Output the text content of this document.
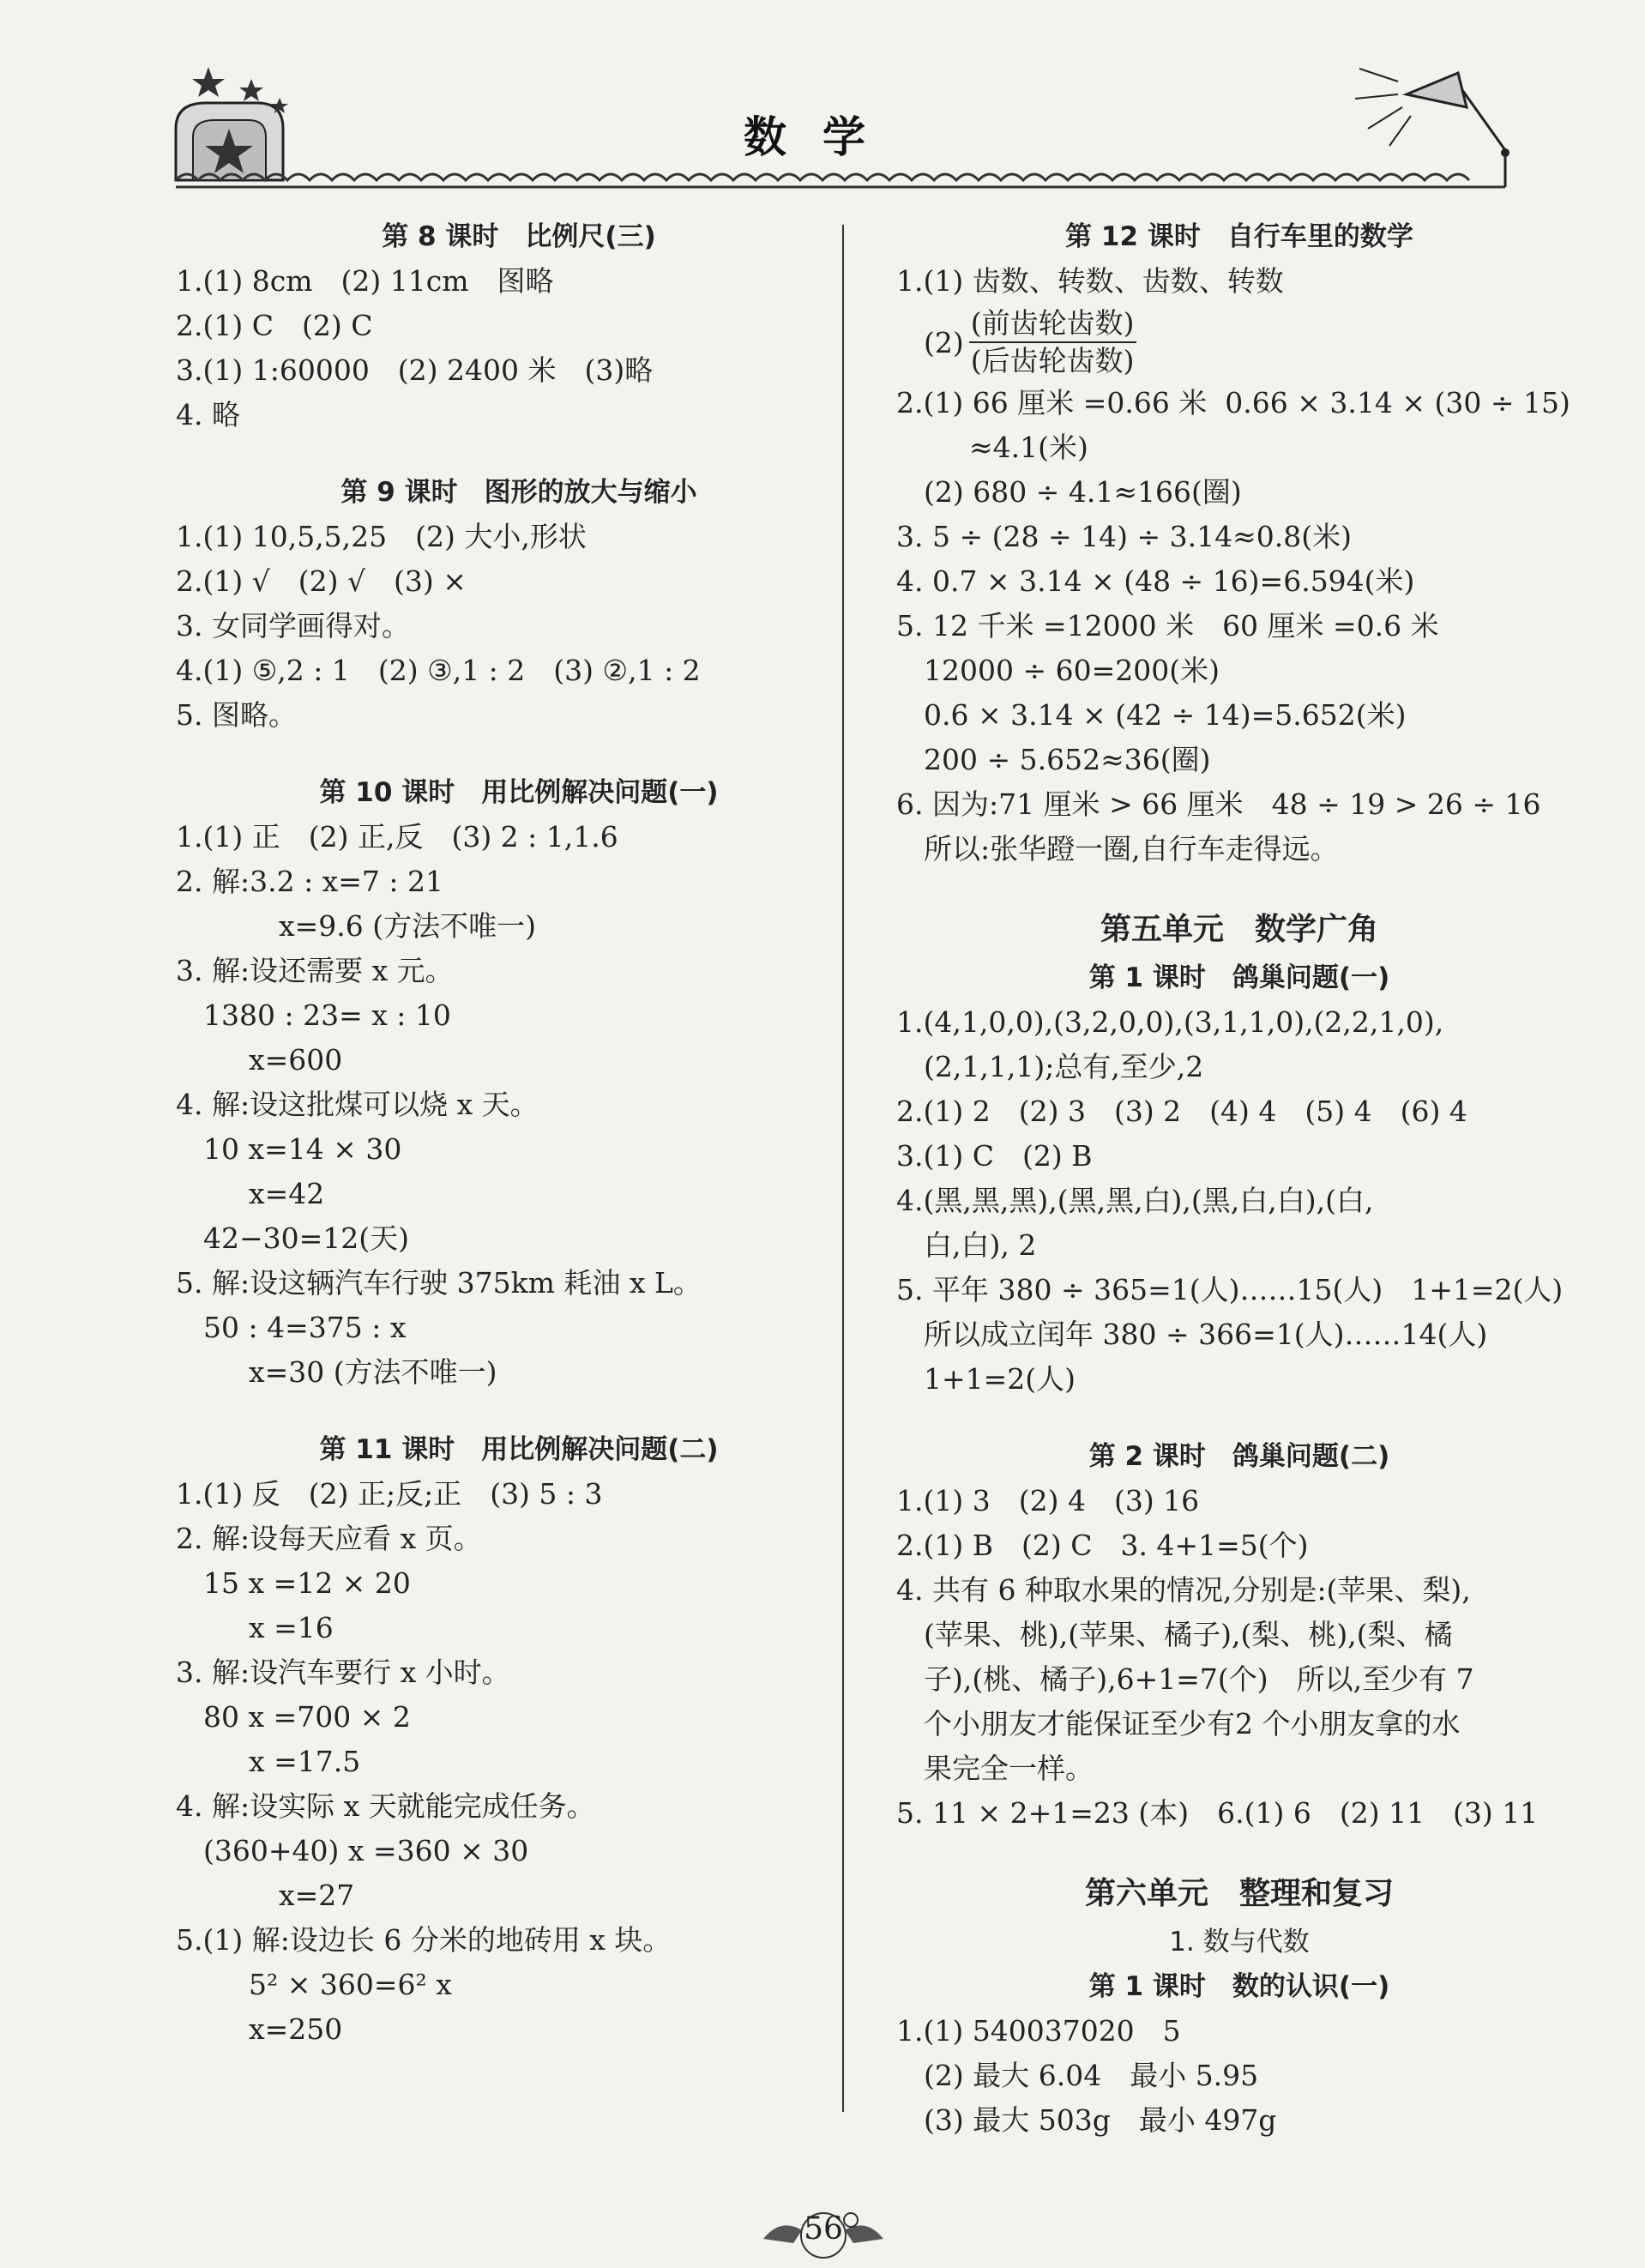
数学
第 8 课时　比例尺(三)
1.(1) 8cm　(2) 11cm　图略
2.(1) C　(2) C
3.(1) 1:60000　(2) 2400 米　(3)略
4. 略
第 9 课时　图形的放大与缩小
1.(1) 10,5,5,25　(2) 大小,形状
2.(1) √　(2) √　(3) ×
3. 女同学画得对。
4.(1) ⑤,2 : 1　(2) ③,1 : 2　(3) ②,1 : 2
5. 图略。
第 10 课时　用比例解决问题(一)
1.(1) 正　(2) 正,反　(3) 2 : 1,1.6
2. 解:3.2 : x=7 : 21
x=9.6 (方法不唯一)
3. 解:设还需要 x 元。
1380 : 23= x : 10
x=600
4. 解:设这批煤可以烧 x 天。
10 x=14 × 30
x=42
42−30=12(天)
5. 解:设这辆汽车行驶 375km 耗油 x L。
50 : 4=375 : x
x=30 (方法不唯一)
第 11 课时　用比例解决问题(二)
1.(1) 反　(2) 正;反;正　(3) 5 : 3
2. 解:设每天应看 x 页。
15 x =12 × 20
x =16
3. 解:设汽车要行 x 小时。
80 x =700 × 2
x =17.5
4. 解:设实际 x 天就能完成任务。
(360+40) x =360 × 30
x=27
5.(1) 解:设边长 6 分米的地砖用 x 块。
5² × 360=6² x
x=250
第 12 课时　自行车里的数学
1.(1) 齿数、转数、齿数、转数
$(2) \frac{\text{(前齿轮齿数)}}{\text{(后齿轮齿数)}}$
2.(1) 66 厘米 =0.66 米  0.66 × 3.14 × (30 ÷ 15)
≈4.1(米)
(2) 680 ÷ 4.1≈166(圈)
3. 5 ÷ (28 ÷ 14) ÷ 3.14≈0.8(米)
4. 0.7 × 3.14 × (48 ÷ 16)=6.594(米)
5. 12 千米 =12000 米　60 厘米 =0.6 米
12000 ÷ 60=200(米)
0.6 × 3.14 × (42 ÷ 14)=5.652(米)
200 ÷ 5.652≈36(圈)
6. 因为:71 厘米 > 66 厘米　48 ÷ 19 > 26 ÷ 16
所以:张华蹬一圈,自行车走得远。
第五单元　数学广角
第 1 课时　鸽巢问题(一)
1.(4,1,0,0),(3,2,0,0),(3,1,1,0),(2,2,1,0),
(2,1,1,1);总有,至少,2
2.(1) 2　(2) 3　(3) 2　(4) 4　(5) 4　(6) 4
3.(1) C　(2) B
4.(黑,黑,黑),(黑,黑,白),(黑,白,白),(白,
白,白), 2
5. 平年 380 ÷ 365=1(人)……15(人)　1+1=2(人)
所以成立闰年 380 ÷ 366=1(人)……14(人)
1+1=2(人)
第 2 课时　鸽巢问题(二)
1.(1) 3　(2) 4　(3) 16
2.(1) B　(2) C　3. 4+1=5(个)
4. 共有 6 种取水果的情况,分别是:(苹果、梨),
(苹果、桃),(苹果、橘子),(梨、桃),(梨、橘
子),(桃、橘子),6+1=7(个)　所以,至少有 7
个小朋友才能保证至少有2 个小朋友拿的水
果完全一样。
5. 11 × 2+1=23 (本)　6.(1) 6　(2) 11　(3) 11
第六单元　整理和复习
1. 数与代数
第 1 课时　数的认识(一)
1.(1) 540037020　5
(2) 最大 6.04　最小 5.95
(3) 最大 503g　最小 497g
56
